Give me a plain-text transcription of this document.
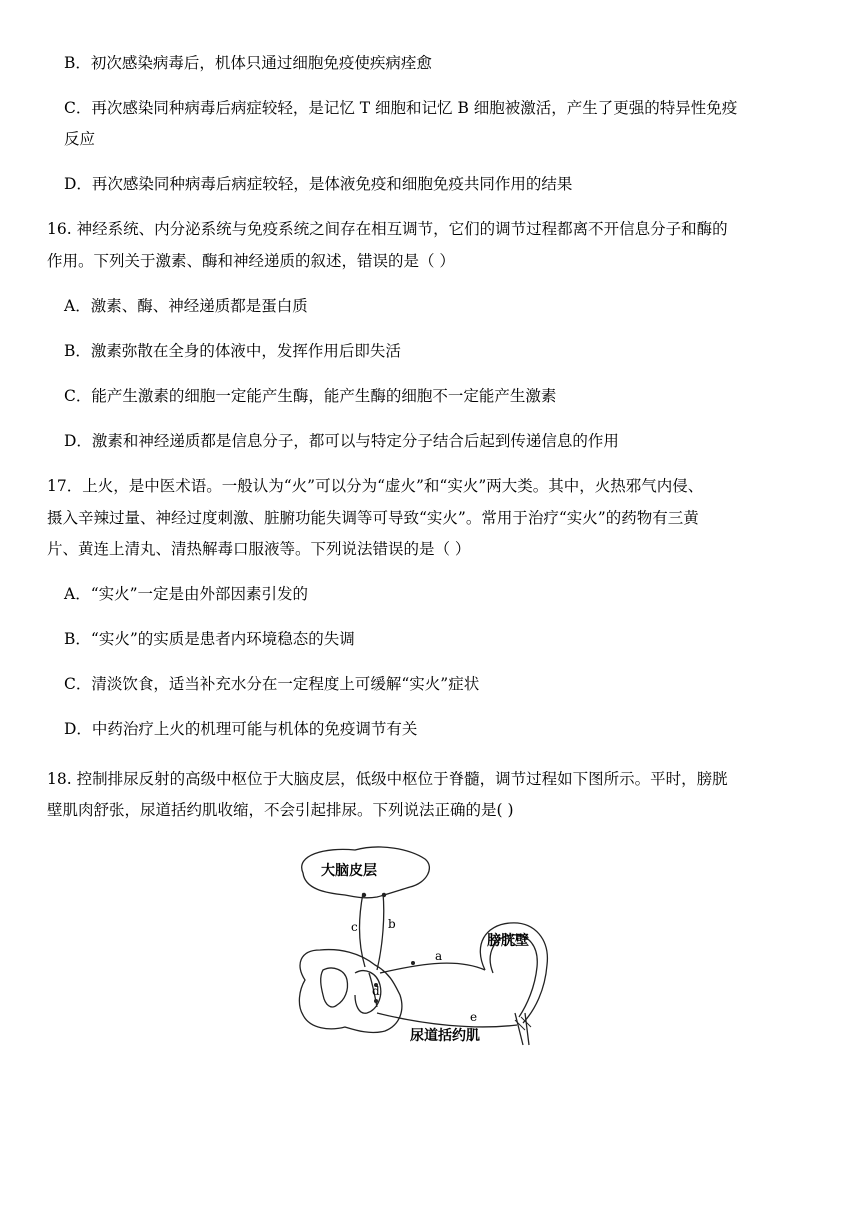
B．初次感染病毒后，机体只通过细胞免疫使疾病痊愈
C．再次感染同种病毒后病症较轻，是记忆 T 细胞和记忆 B 细胞被激活，产生了更强的特异性免疫
反应
D．再次感染同种病毒后病症较轻，是体液免疫和细胞免疫共同作用的结果
16. 神经系统、内分泌系统与免疫系统之间存在相互调节，它们的调节过程都离不开信息分子和酶的
作用。下列关于激素、酶和神经递质的叙述，错误的是（ ）
A．激素、酶、神经递质都是蛋白质
B．激素弥散在全身的体液中，发挥作用后即失活
C．能产生激素的细胞一定能产生酶，能产生酶的细胞不一定能产生激素
D．激素和神经递质都是信息分子，都可以与特定分子结合后起到传递信息的作用
17．上火，是中医术语。一般认为“火”可以分为“虚火”和“实火”两大类。其中，火热邪气内侵、
摄入辛辣过量、神经过度刺激、脏腑功能失调等可导致“实火”。常用于治疗“实火”的药物有三黄
片、黄连上清丸、清热解毒口服液等。下列说法错误的是（ ）
A．“实火”一定是由外部因素引发的
B．“实火”的实质是患者内环境稳态的失调
C．清淡饮食，适当补充水分在一定程度上可缓解“实火”症状
D．中药治疗上火的机理可能与机体的免疫调节有关
18. 控制排尿反射的高级中枢位于大脑皮层，低级中枢位于脊髓，调节过程如下图所示。平时，膀胱
壁肌肉舒张，尿道括约肌收缩，不会引起排尿。下列说法正确的是( )
大脑皮层
膀胱壁
尿道括约肌
a
b
c
d
e
